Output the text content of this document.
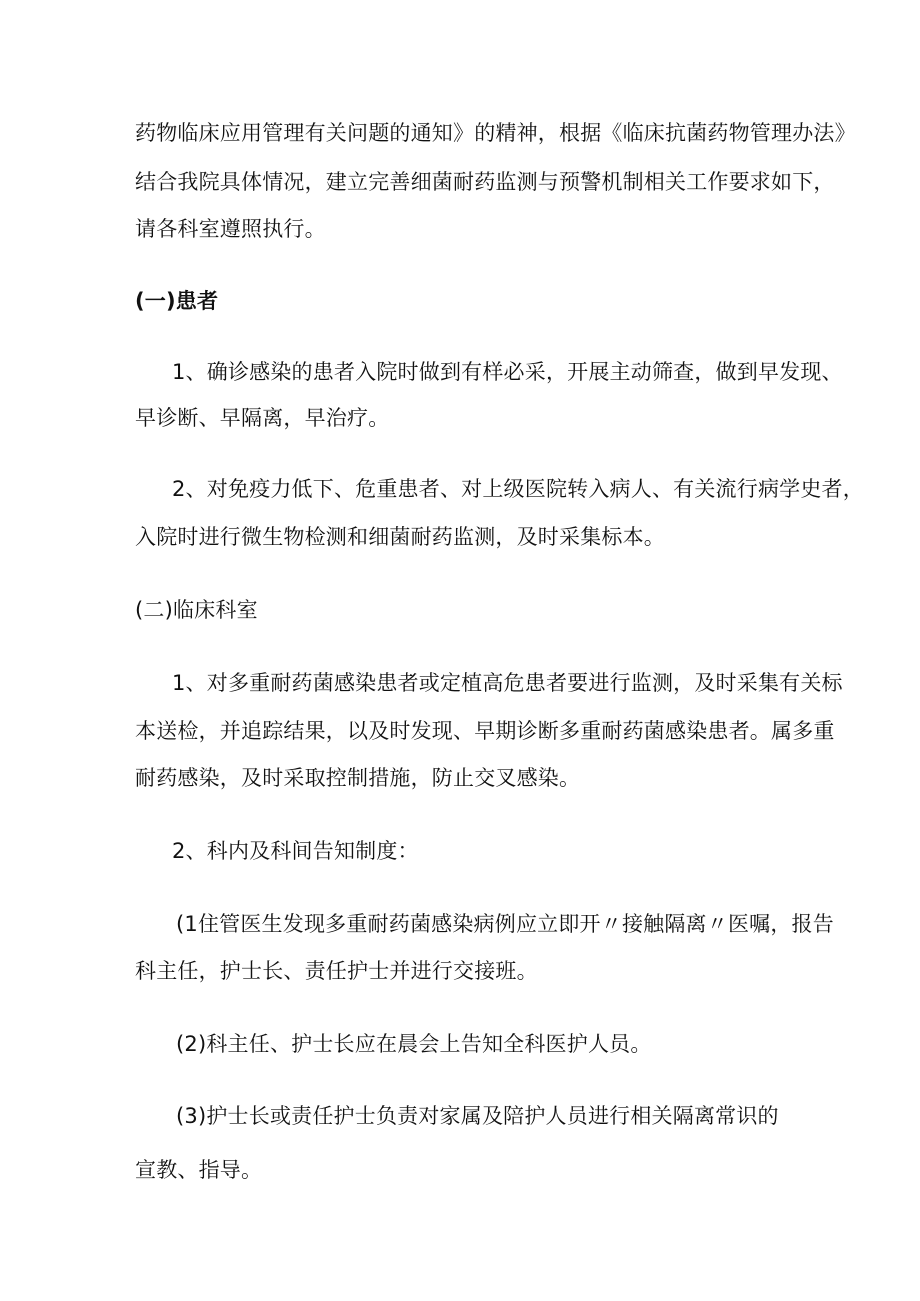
药物临床应用管理有关问题的通知》的精神，根据《临床抗菌药物管理办法》

结合我院具体情况，建立完善细菌耐药监测与预警机制相关工作要求如下，

请各科室遵照执行。

(一)患者

1、确诊感染的患者入院时做到有样必采，开展主动筛查，做到早发现、

早诊断、早隔离，早治疗。

2、对免疫力低下、危重患者、对上级医院转入病人、有关流行病学史者，

入院时进行微生物检测和细菌耐药监测，及时采集标本。

(二)临床科室

1、对多重耐药菌感染患者或定植高危患者要进行监测，及时采集有关标

本送检，并追踪结果，以及时发现、早期诊断多重耐药菌感染患者。属多重

耐药感染，及时采取控制措施，防止交叉感染。

2、科内及科间告知制度：

(1住管医生发现多重耐药菌感染病例应立即开〃接触隔离〃医嘱，报告

科主任，护士长、责任护士并进行交接班。

(2)科主任、护士长应在晨会上告知全科医护人员。

(3)护士长或责任护士负责对家属及陪护人员进行相关隔离常识的

宣教、指导。
